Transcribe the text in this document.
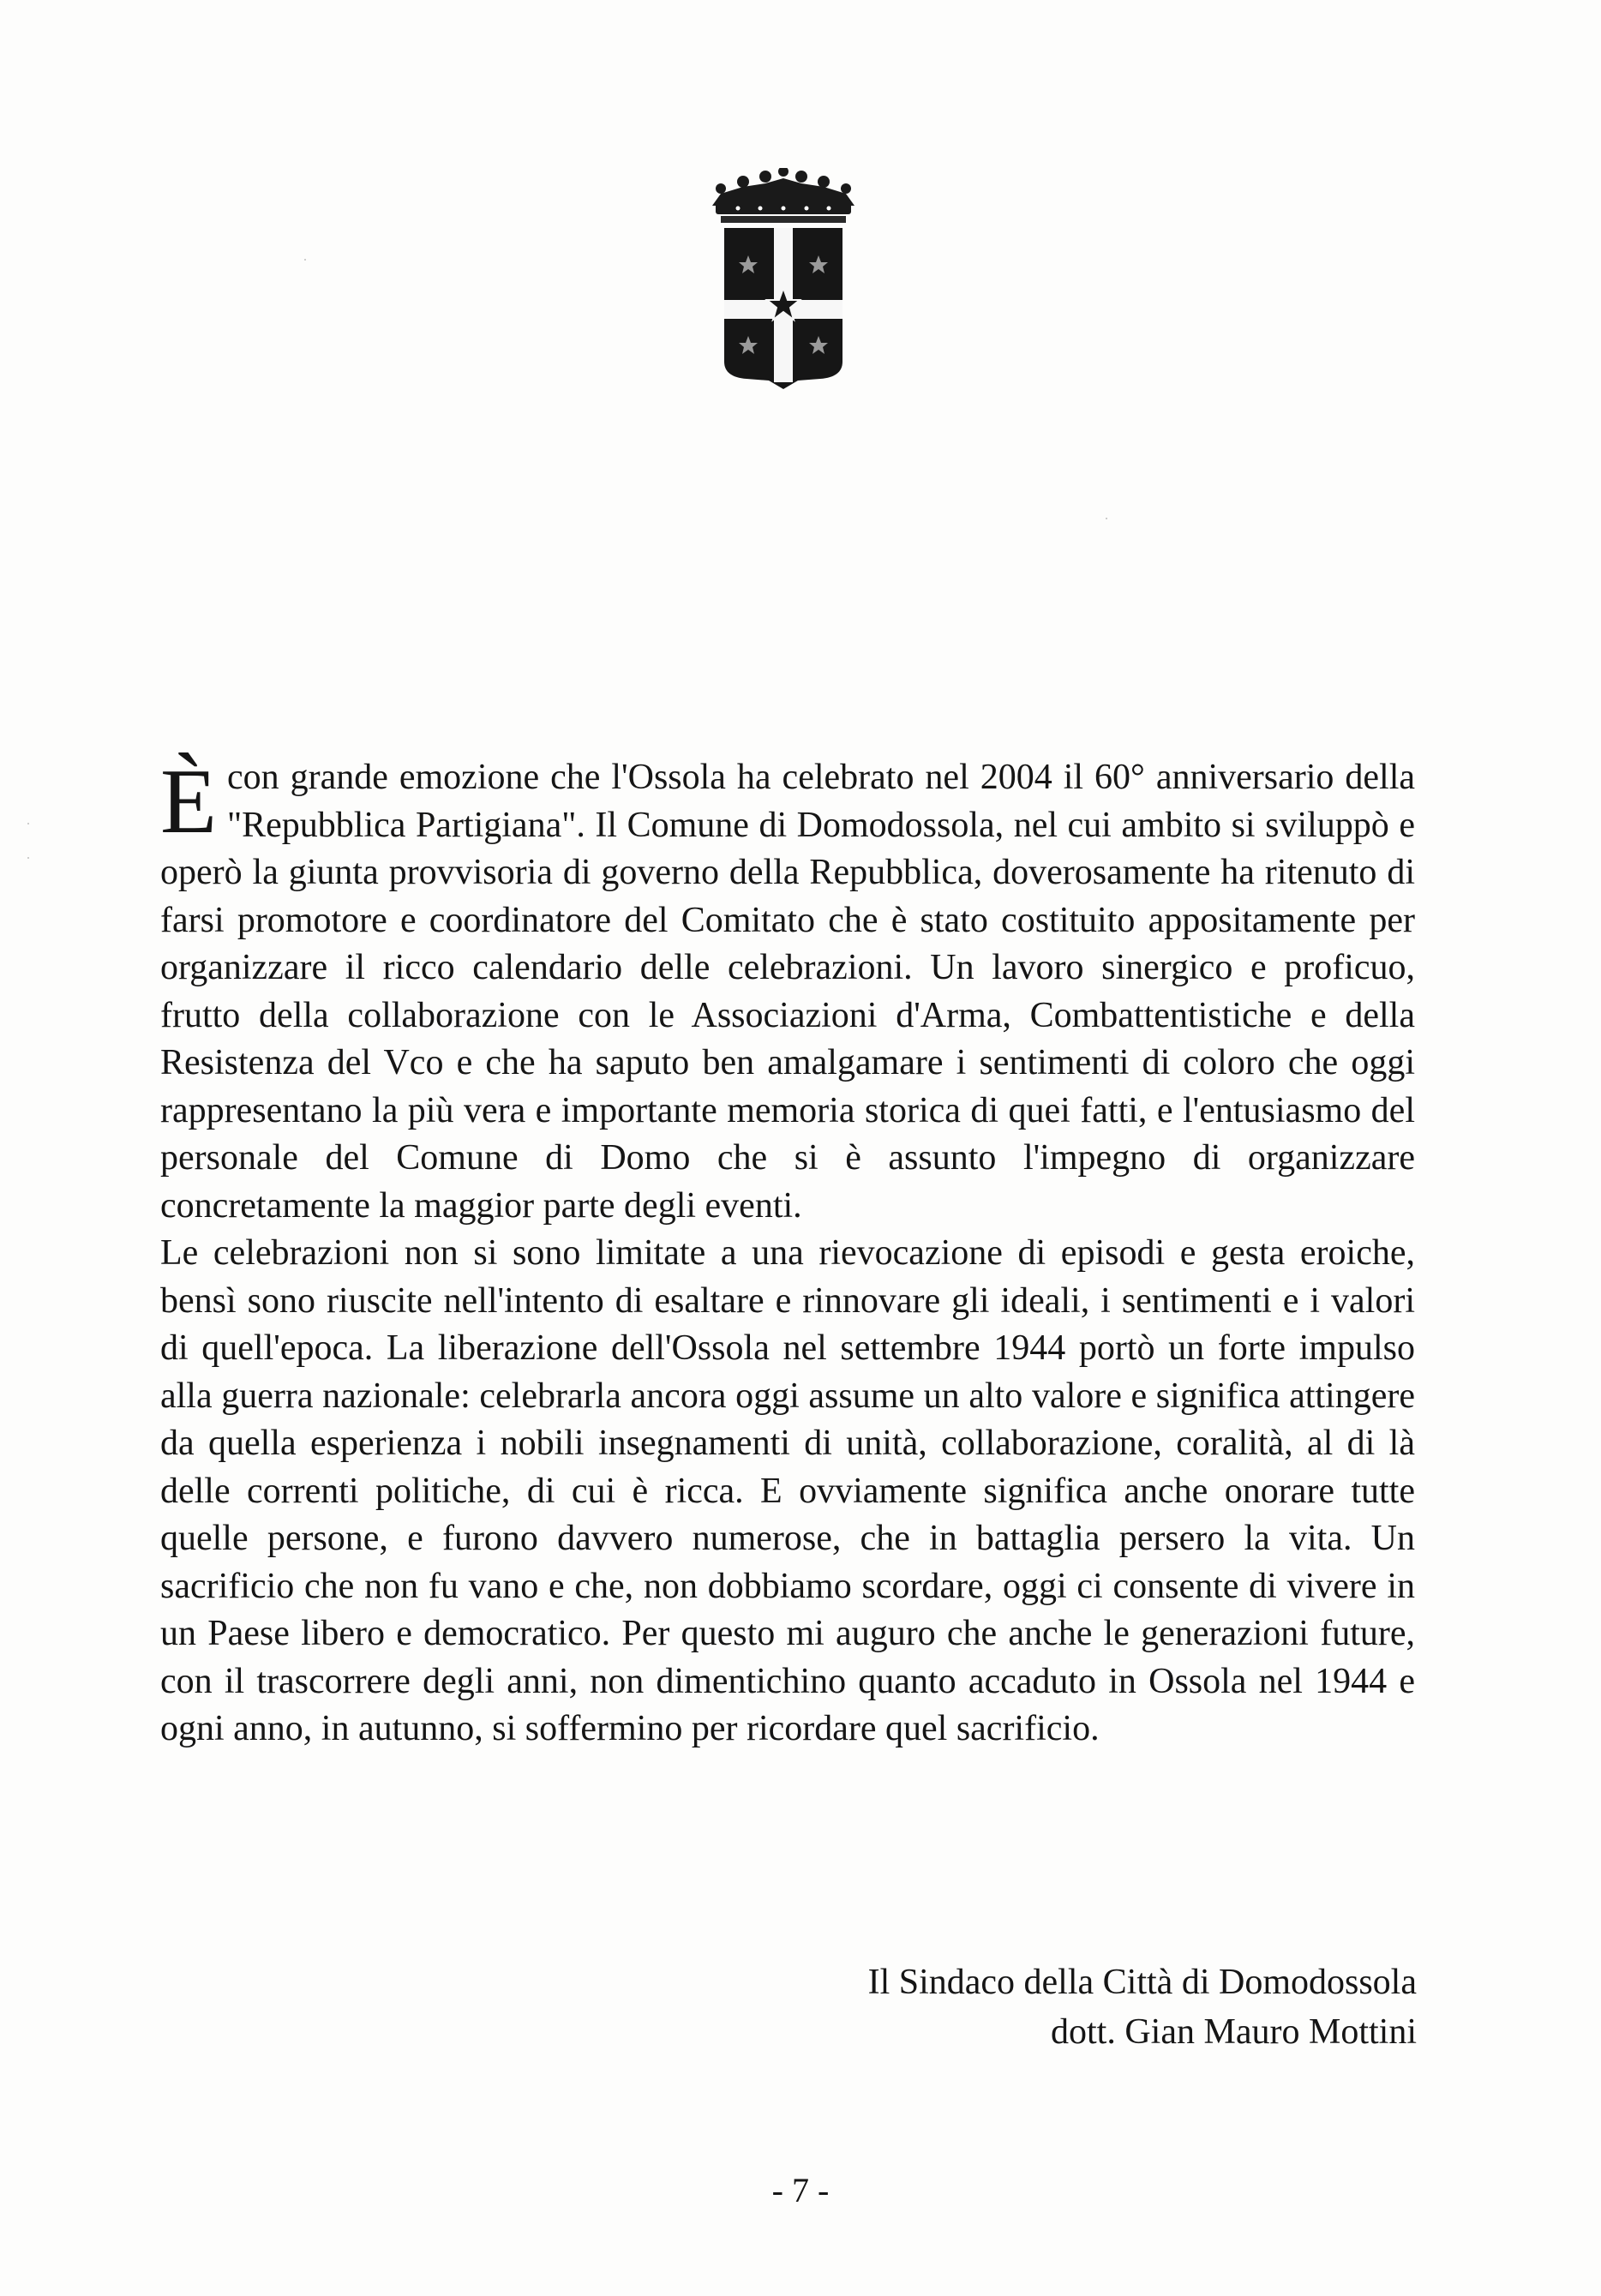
Ècon grande emozione che l'Ossola ha celebrato nel 2004 il 60° anniversario della "Repubblica Partigiana". Il Comune di Domodossola, nel cui ambito si sviluppò e operò la giunta provvisoria di governo della Repubblica, doverosamente ha ritenuto di farsi promotore e coordinatore del Comitato che è stato costituito appositamente per organizzare il ricco calendario delle celebrazioni. Un lavoro sinergico e proficuo, frutto della collaborazione con le Associazioni d'Arma, Combattentistiche e della Resistenza del Vco e che ha saputo ben amalgamare i sentimenti di coloro che oggi rappresentano la più vera e importante memoria storica di quei fatti, e l'entusiasmo del personale del Comune di Domo che si è assunto l'impegno di organizzare concretamente la maggior parte degli eventi.

Le celebrazioni non si sono limitate a una rievocazione di episodi e gesta eroiche, bensì sono riuscite nell'intento di esaltare e rinnovare gli ideali, i sentimenti e i valori di quell'epoca. La liberazione dell'Ossola nel settembre 1944 portò un forte impulso alla guerra nazionale: celebrarla ancora oggi assume un alto valore e significa attingere da quella esperienza i nobili insegnamenti di unità, collaborazione, coralità, al di là delle correnti politiche, di cui è ricca. E ovviamente significa anche onorare tutte quelle persone, e furono davvero numerose, che in battaglia persero la vita. Un sacrificio che non fu vano e che, non dobbiamo scordare, oggi ci consente di vivere in un Paese libero e democratico. Per questo mi auguro che anche le generazioni future, con il trascorrere degli anni, non dimentichino quanto accaduto in Ossola nel 1944 e ogni anno, in autunno, si soffermino per ricordare quel sacrificio.

Il Sindaco della Città di Domodossola
dott. Gian Mauro Mottini
- 7 -
